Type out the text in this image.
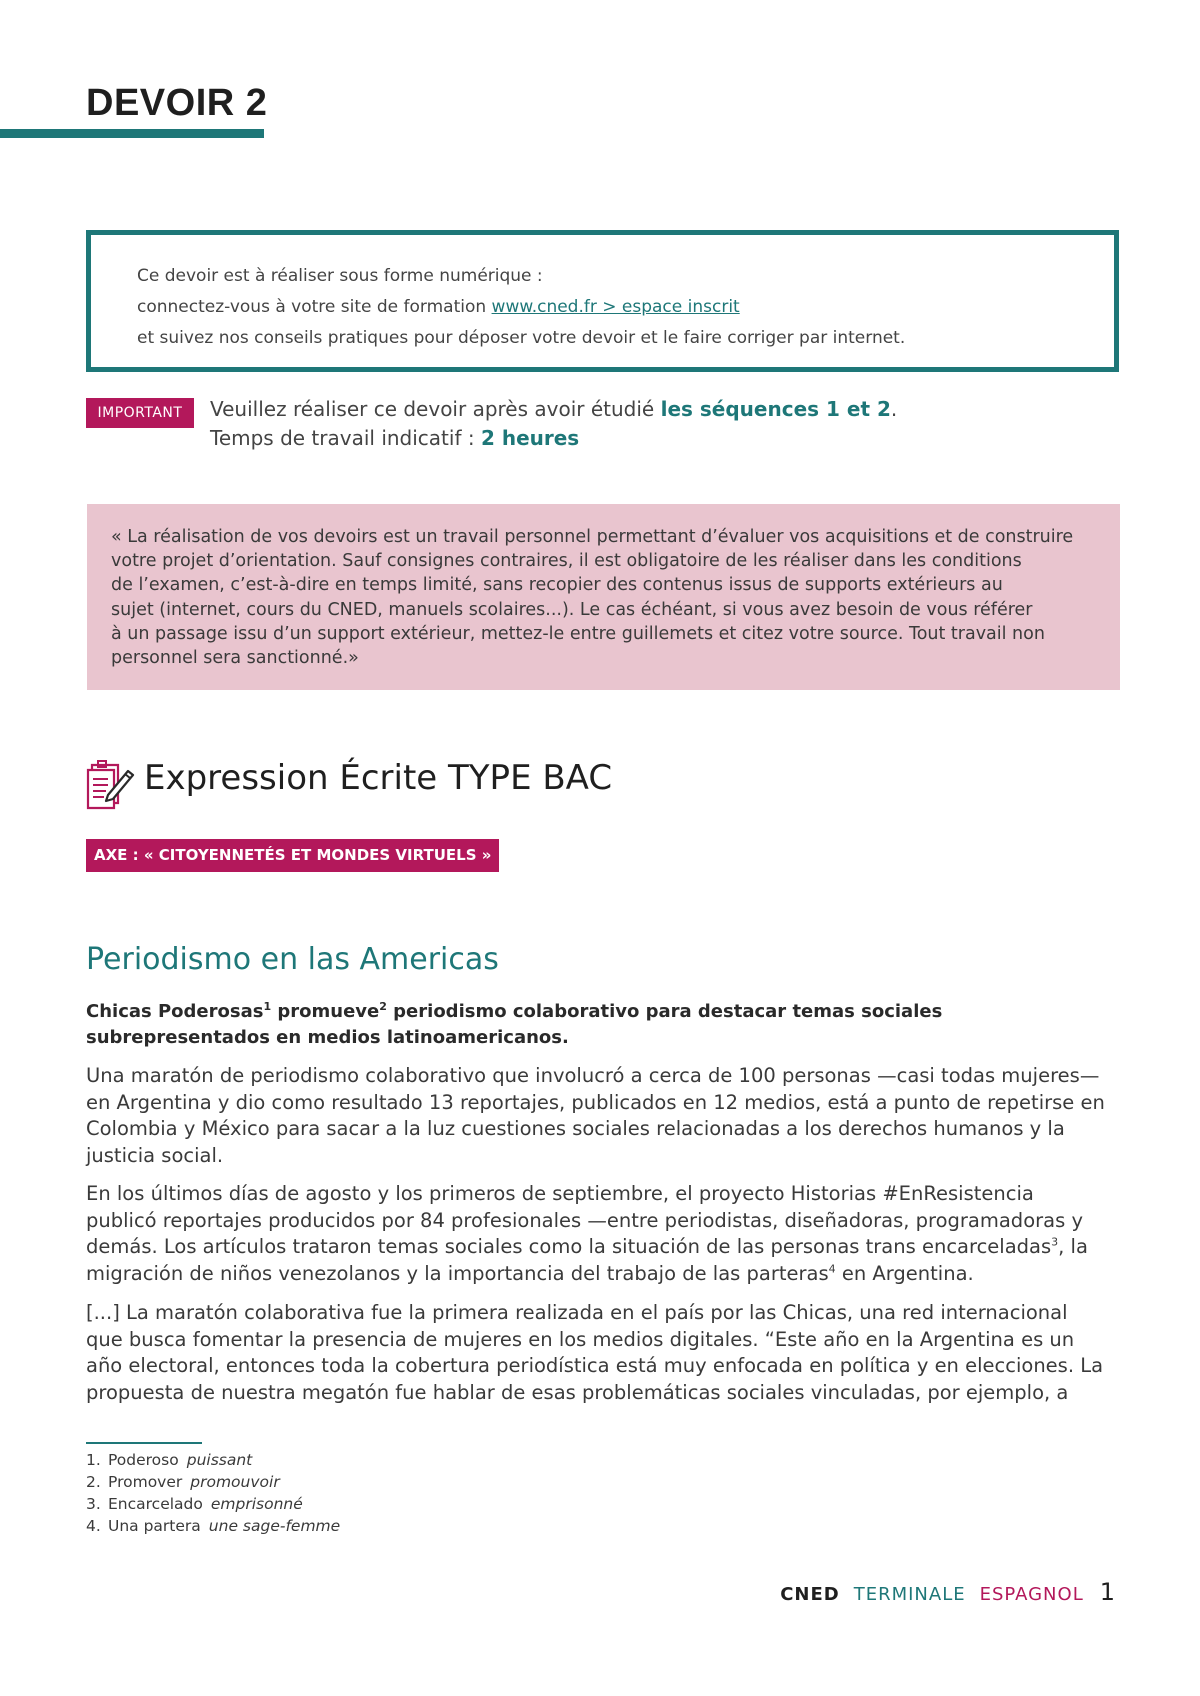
DEVOIR 2
Ce devoir est à réaliser sous forme numérique :
connectez-vous à votre site de formation www.cned.fr > espace inscrit
et suivez nos conseils pratiques pour déposer votre devoir et le faire corriger par internet.
IMPORTANT	Veuillez réaliser ce devoir après avoir étudié les séquences 1 et 2.
Temps de travail indicatif : 2 heures
« La réalisation de vos devoirs est un travail personnel permettant d’évaluer vos acquisitions et de construire
votre projet d’orientation. Sauf consignes contraires, il est obligatoire de les réaliser dans les conditions
de l’examen, c’est-à-dire en temps limité, sans recopier des contenus issus de supports extérieurs au
sujet (internet, cours du CNED, manuels scolaires...). Le cas échéant, si vous avez besoin de vous référer
à un passage issu d’un support extérieur, mettez-le entre guillemets et citez votre source. Tout travail non
personnel sera sanctionné.»
Expression Écrite TYPE BAC
AXE : « CITOYENNETÉS ET MONDES VIRTUELS »
Periodismo en las Americas

Chicas Poderosas$^1$ promueve$^2$ periodismo colaborativo para destacar temas sociales
subrepresentados en medios latinoamericanos.

Una maratón de periodismo colaborativo que involucró a cerca de 100 personas —casi todas mujeres—
en Argentina y dio como resultado 13 reportajes, publicados en 12 medios, está a punto de repetirse en
Colombia y México para sacar a la luz cuestiones sociales relacionadas a los derechos humanos y la
justicia social.

En los últimos días de agosto y los primeros de septiembre, el proyecto Historias #EnResistencia
publicó reportajes producidos por 84 profesionales —entre periodistas, diseñadoras, programadoras y
demás. Los artículos trataron temas sociales como la situación de las personas trans encarceladas$^3$, la
migración de niños venezolanos y la importancia del trabajo de las parteras$^4$ en Argentina.

[...] La maratón colaborativa fue la primera realizada en el país por las Chicas, una red internacional
que busca fomentar la presencia de mujeres en los medios digitales. “Este año en la Argentina es un
año electoral, entonces toda la cobertura periodística está muy enfocada en política y en elecciones. La
propuesta de nuestra megatón fue hablar de esas problemáticas sociales vinculadas, por ejemplo, a

1. Poderoso puissant
2. Promover promouvoir
3. Encarcelado emprisonné
4. Una partera une sage-femme
CNED TERMINALE ESPAGNOL 1
